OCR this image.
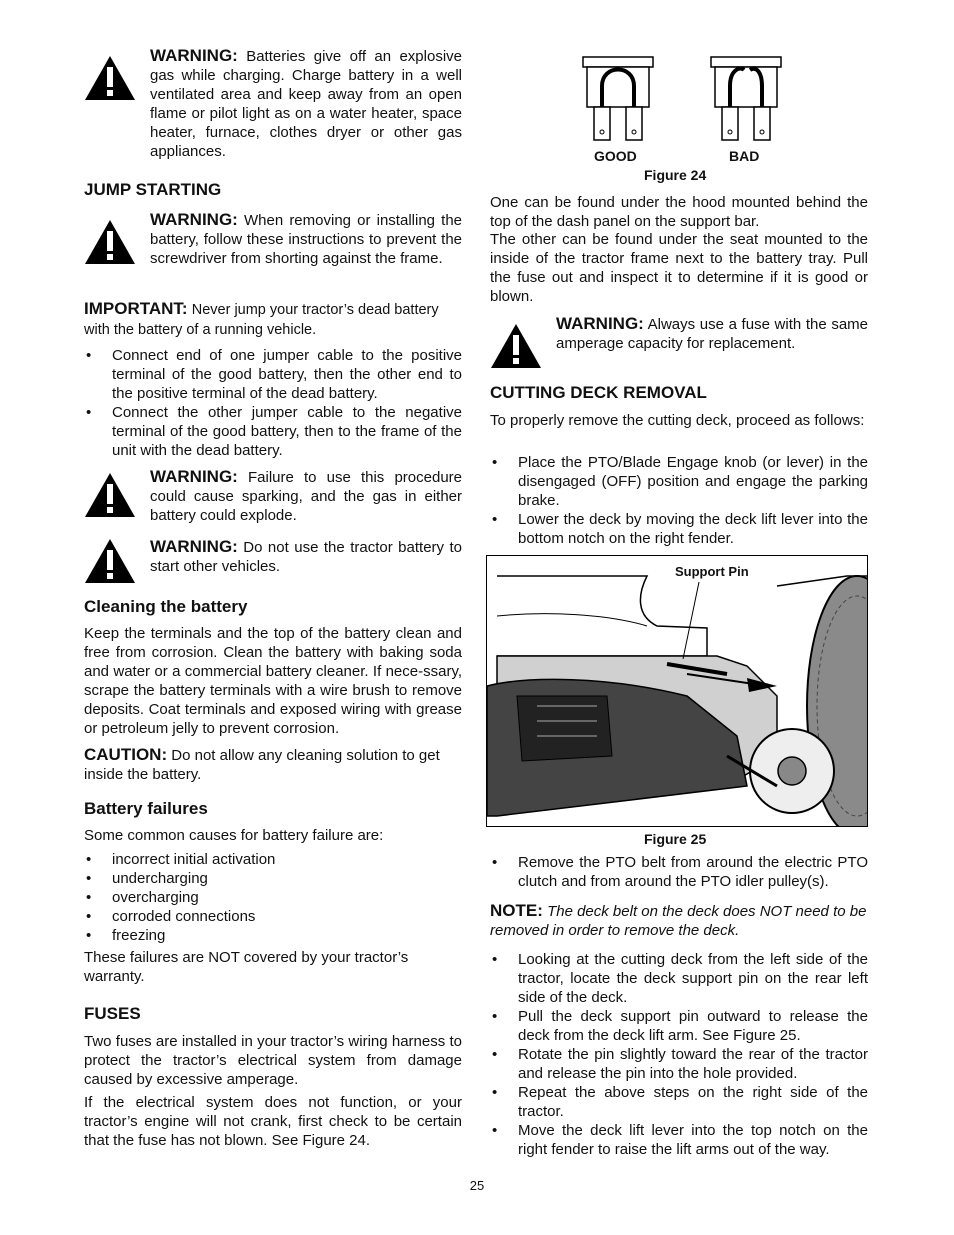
WARNING: Batteries give off an explosive gas while charging. Charge battery in a well ventilated area and keep away from an open flame or pilot light as on a water heater, space heater, furnace, clothes dryer or other gas appliances.
JUMP STARTING
WARNING: When removing or installing the battery, follow these instructions to prevent the screwdriver from shorting against the frame.

IMPORTANT: Never jump your tractor’s dead battery with the battery of a running vehicle.

• Connect end of one jumper cable to the positive terminal of the good battery, then the other end to the positive terminal of the dead battery.
• Connect the other jumper cable to the negative terminal of the good battery, then to the frame of the unit with the dead battery.
WARNING: Failure to use this procedure could cause sparking, and the gas in either battery could explode.
WARNING: Do not use the tractor battery to start other vehicles.
Cleaning the battery

Keep the terminals and the top of the battery clean and free from corrosion. Clean the battery with baking soda and water or a commercial battery cleaner. If nece-ssary, scrape the battery terminals with a wire brush to remove deposits. Coat terminals and exposed wiring with grease or petroleum jelly to prevent corrosion.

CAUTION: Do not allow any cleaning solution to get inside the battery.

Battery failures

Some common causes for battery failure are:

• incorrect initial activation
• undercharging
• overcharging
• corroded connections
• freezing

These failures are NOT covered by your tractor’s warranty.

FUSES

Two fuses are installed in your tractor’s wiring harness to protect the tractor’s electrical system from damage caused by excessive amperage.

If the electrical system does not function, or your tractor’s engine will not crank, first check to be certain that the fuse has not blown. See Figure 24.

GOOD	BAD
Figure 24

One can be found under the hood mounted behind the top of the dash panel on the support bar.

The other can be found under the seat mounted to the inside of the tractor frame next to the battery tray. Pull the fuse out and inspect it to determine if it is good or blown.

WARNING: Always use a fuse with the same amperage capacity for replacement.
CUTTING DECK REMOVAL

To properly remove the cutting deck, proceed as follows:

• Place the PTO/Blade Engage knob (or lever) in the disengaged (OFF) position and engage the parking brake.
• Lower the deck by moving the deck lift lever into the bottom notch on the right fender.
Support Pin
Figure 25
• Remove the PTO belt from around the electric PTO clutch and from around the PTO idler pulley(s).

NOTE: The deck belt on the deck does NOT need to be removed in order to remove the deck.

• Looking at the cutting deck from the left side of the tractor, locate the deck support pin on the rear left side of the deck.
• Pull the deck support pin outward to release the deck from the deck lift arm. See Figure 25.
• Rotate the pin slightly toward the rear of the tractor and release the pin into the hole provided.
• Repeat the above steps on the right side of the tractor.
• Move the deck lift lever into the top notch on the right fender to raise the lift arms out of the way.
25
